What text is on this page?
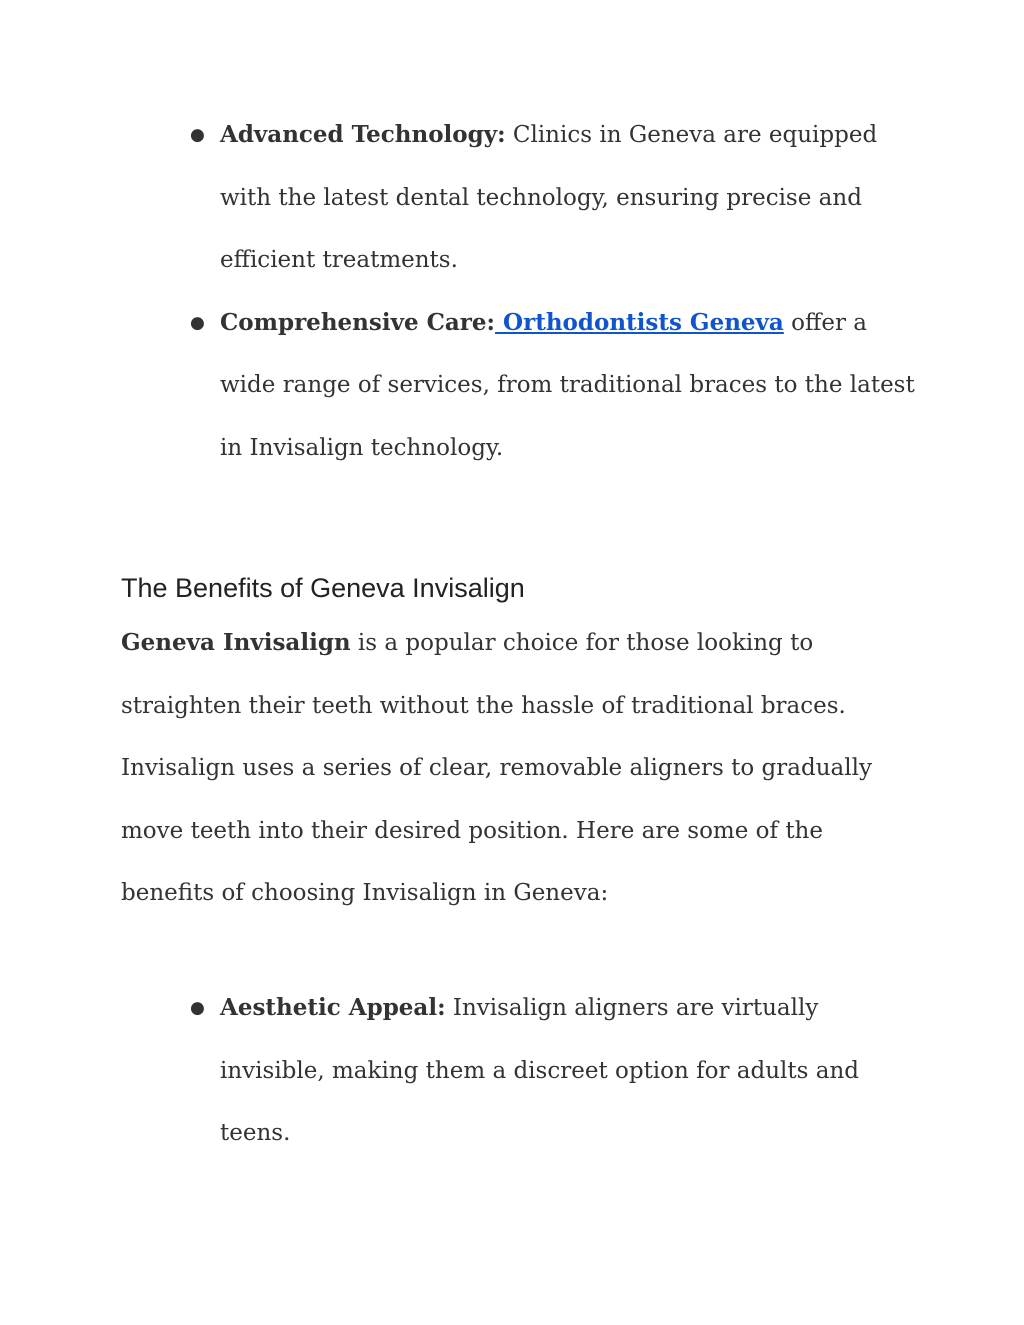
● Advanced Technology: Clinics in Geneva are equipped with the latest dental technology, ensuring precise and efficient treatments.
● Comprehensive Care: Orthodontists Geneva offer a wide range of services, from traditional braces to the latest in Invisalign technology.
The Benefits of Geneva Invisalign

Geneva Invisalign is a popular choice for those looking to straighten their teeth without the hassle of traditional braces. Invisalign uses a series of clear, removable aligners to gradually move teeth into their desired position. Here are some of the benefits of choosing Invisalign in Geneva:

● Aesthetic Appeal: Invisalign aligners are virtually invisible, making them a discreet option for adults and teens.
